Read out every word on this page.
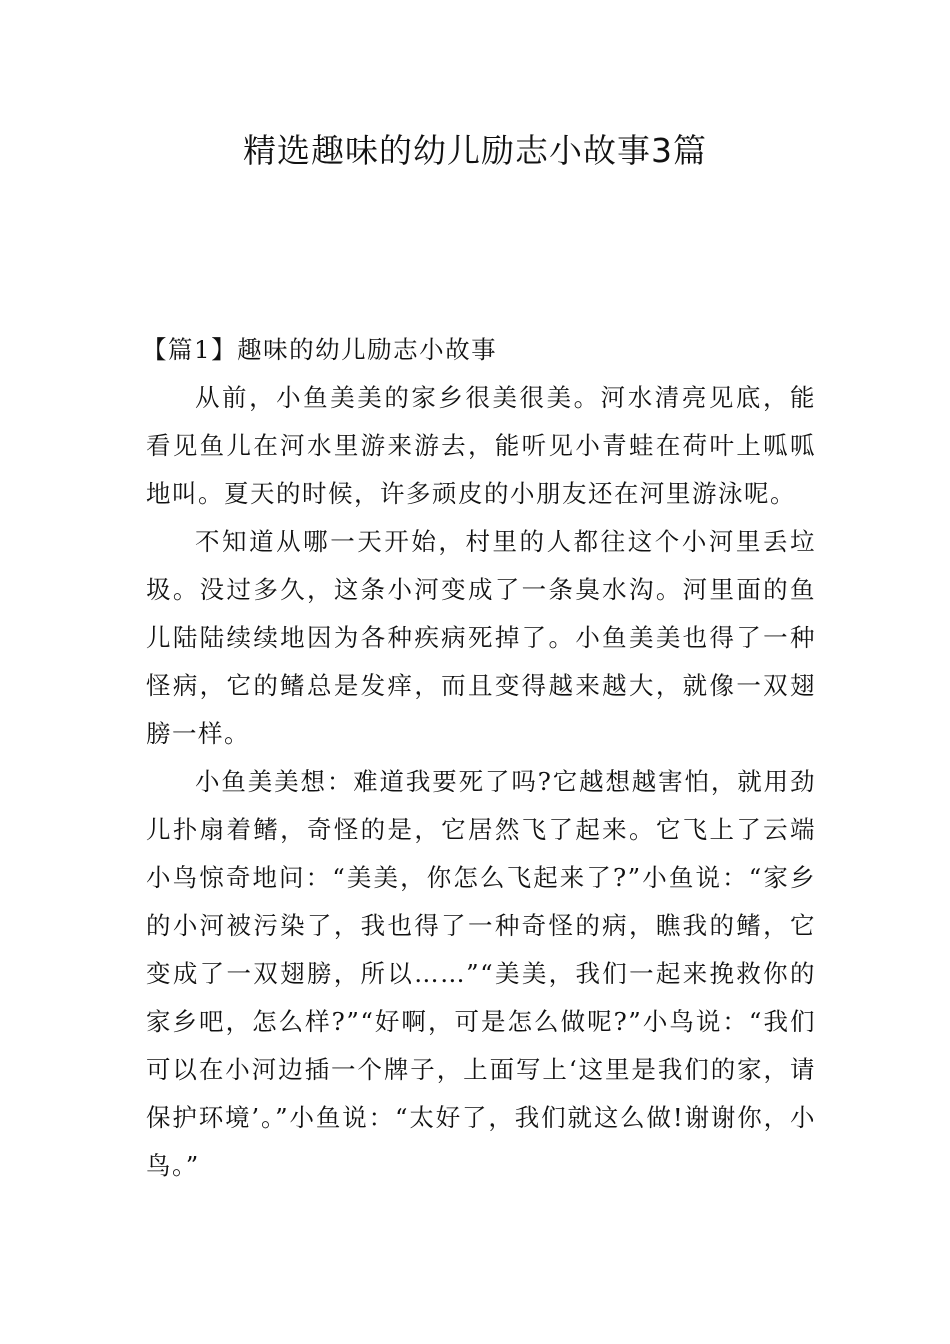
精选趣味的幼儿励志小故事3篇
【篇1】趣味的幼儿励志小故事

从前，小鱼美美的家乡很美很美。河水清亮见底，能看见鱼儿在河水里游来游去，能听见小青蛙在荷叶上呱呱地叫。夏天的时候，许多顽皮的小朋友还在河里游泳呢。

不知道从哪一天开始，村里的人都往这个小河里丢垃圾。没过多久，这条小河变成了一条臭水沟。河里面的鱼儿陆陆续续地因为各种疾病死掉了。小鱼美美也得了一种怪病，它的鳍总是发痒，而且变得越来越大，就像一双翅膀一样。

小鱼美美想：难道我要死了吗?它越想越害怕，就用劲儿扑扇着鳍，奇怪的是，它居然飞了起来。它飞上了云端小鸟惊奇地问：“美美，你怎么飞起来了?”小鱼说：“家乡的小河被污染了，我也得了一种奇怪的病，瞧我的鳍，它变成了一双翅膀，所以……”“美美，我们一起来挽救你的家乡吧，怎么样?”“好啊，可是怎么做呢?”小鸟说：“我们可以在小河边插一个牌子，上面写上‘这里是我们的家，请保护环境’。”小鱼说：“太好了，我们就这么做!谢谢你，小鸟。”
